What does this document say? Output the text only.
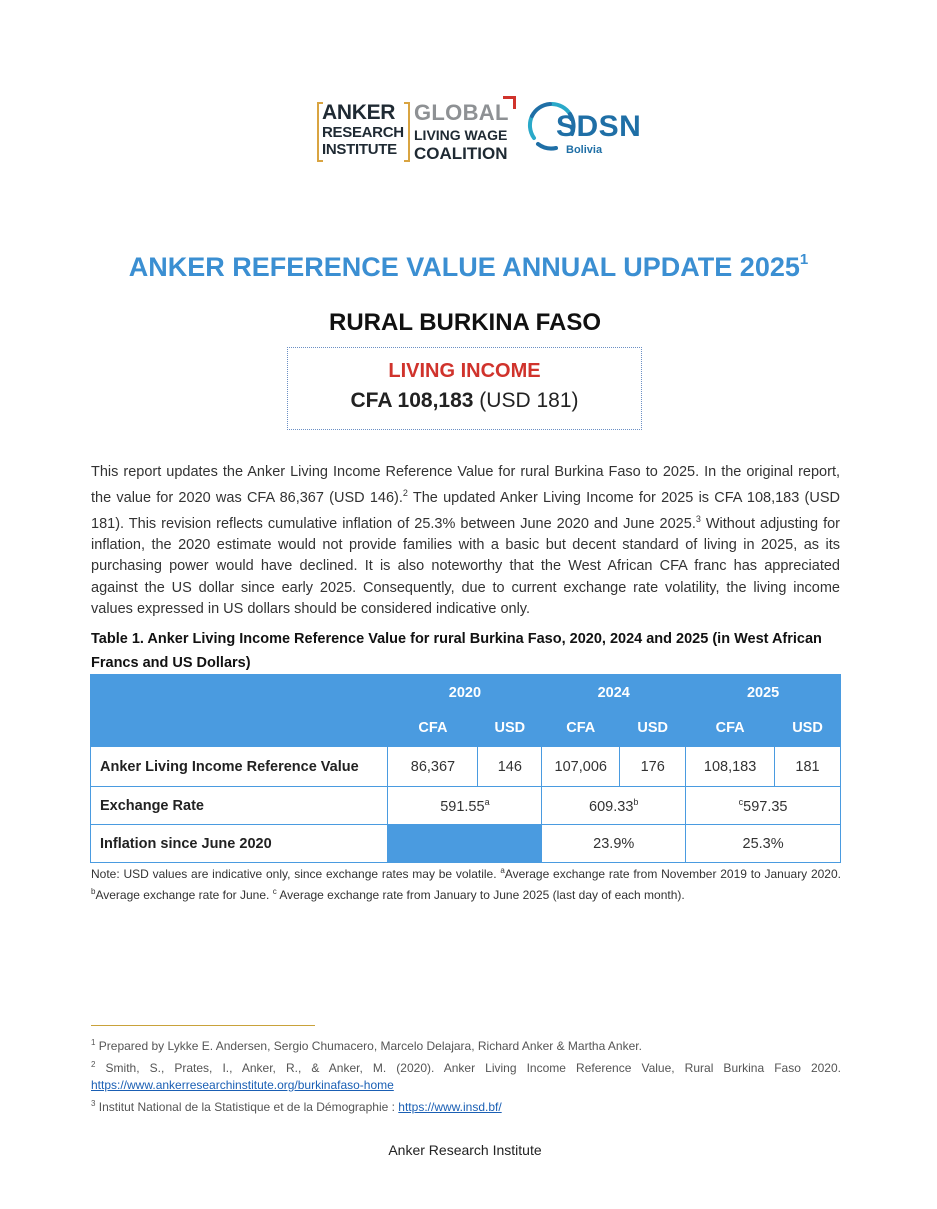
ANKER
RESEARCH
INSTITUTE
GLOBAL
LIVING WAGE
COALITION
SDSN
Bolivia
ANKER REFERENCE VALUE ANNUAL UPDATE 2025$^1$
RURAL BURKINA FASO
LIVING INCOME
CFA 108,183 (USD 181)
This report updates the Anker Living Income Reference Value for rural Burkina Faso to 2025. In the original report, the value for 2020 was CFA 86,367 (USD 146).$^2$ The updated Anker Living Income for 2025 is CFA 108,183 (USD 181). This revision reflects cumulative inflation of 25.3% between June 2020 and June 2025.$^3$ Without adjusting for inflation, the 2020 estimate would not provide families with a basic but decent standard of living in 2025, as its purchasing power would have declined. It is also noteworthy that the West African CFA franc has appreciated against the US dollar since early 2025. Consequently, due to current exchange rate volatility, the living income values expressed in US dollars should be considered indicative only.
Table 1. Anker Living Income Reference Value for rural Burkina Faso, 2020, 2024 and 2025 (in West African Francs and US Dollars)
	2020		2024		2025	
	CFA	USD	CFA	USD	CFA	USD
Anker Living Income Reference Value	86,367	146	107,006	176	108,183	181
Exchange Rate	591.55$^a$		609.33$^b$		$^c$597.35	
Inflation since June 2020			23.9%		25.3%	
Note: USD values are indicative only, since exchange rates may be volatile. $^a$Average exchange rate from November 2019 to January 2020. $^b$Average exchange rate for June. $^c$ Average exchange rate from January to June 2025 (last day of each month).
$^1$ Prepared by Lykke E. Andersen, Sergio Chumacero, Marcelo Delajara, Richard Anker & Martha Anker.
$^2$ Smith, S., Prates, I., Anker, R., & Anker, M. (2020). Anker Living Income Reference Value, Rural Burkina Faso 2020. https://www.ankerresearchinstitute.org/burkinafaso-home
$^3$ Institut National de la Statistique et de la Démographie : https://www.insd.bf/
Anker Research Institute
